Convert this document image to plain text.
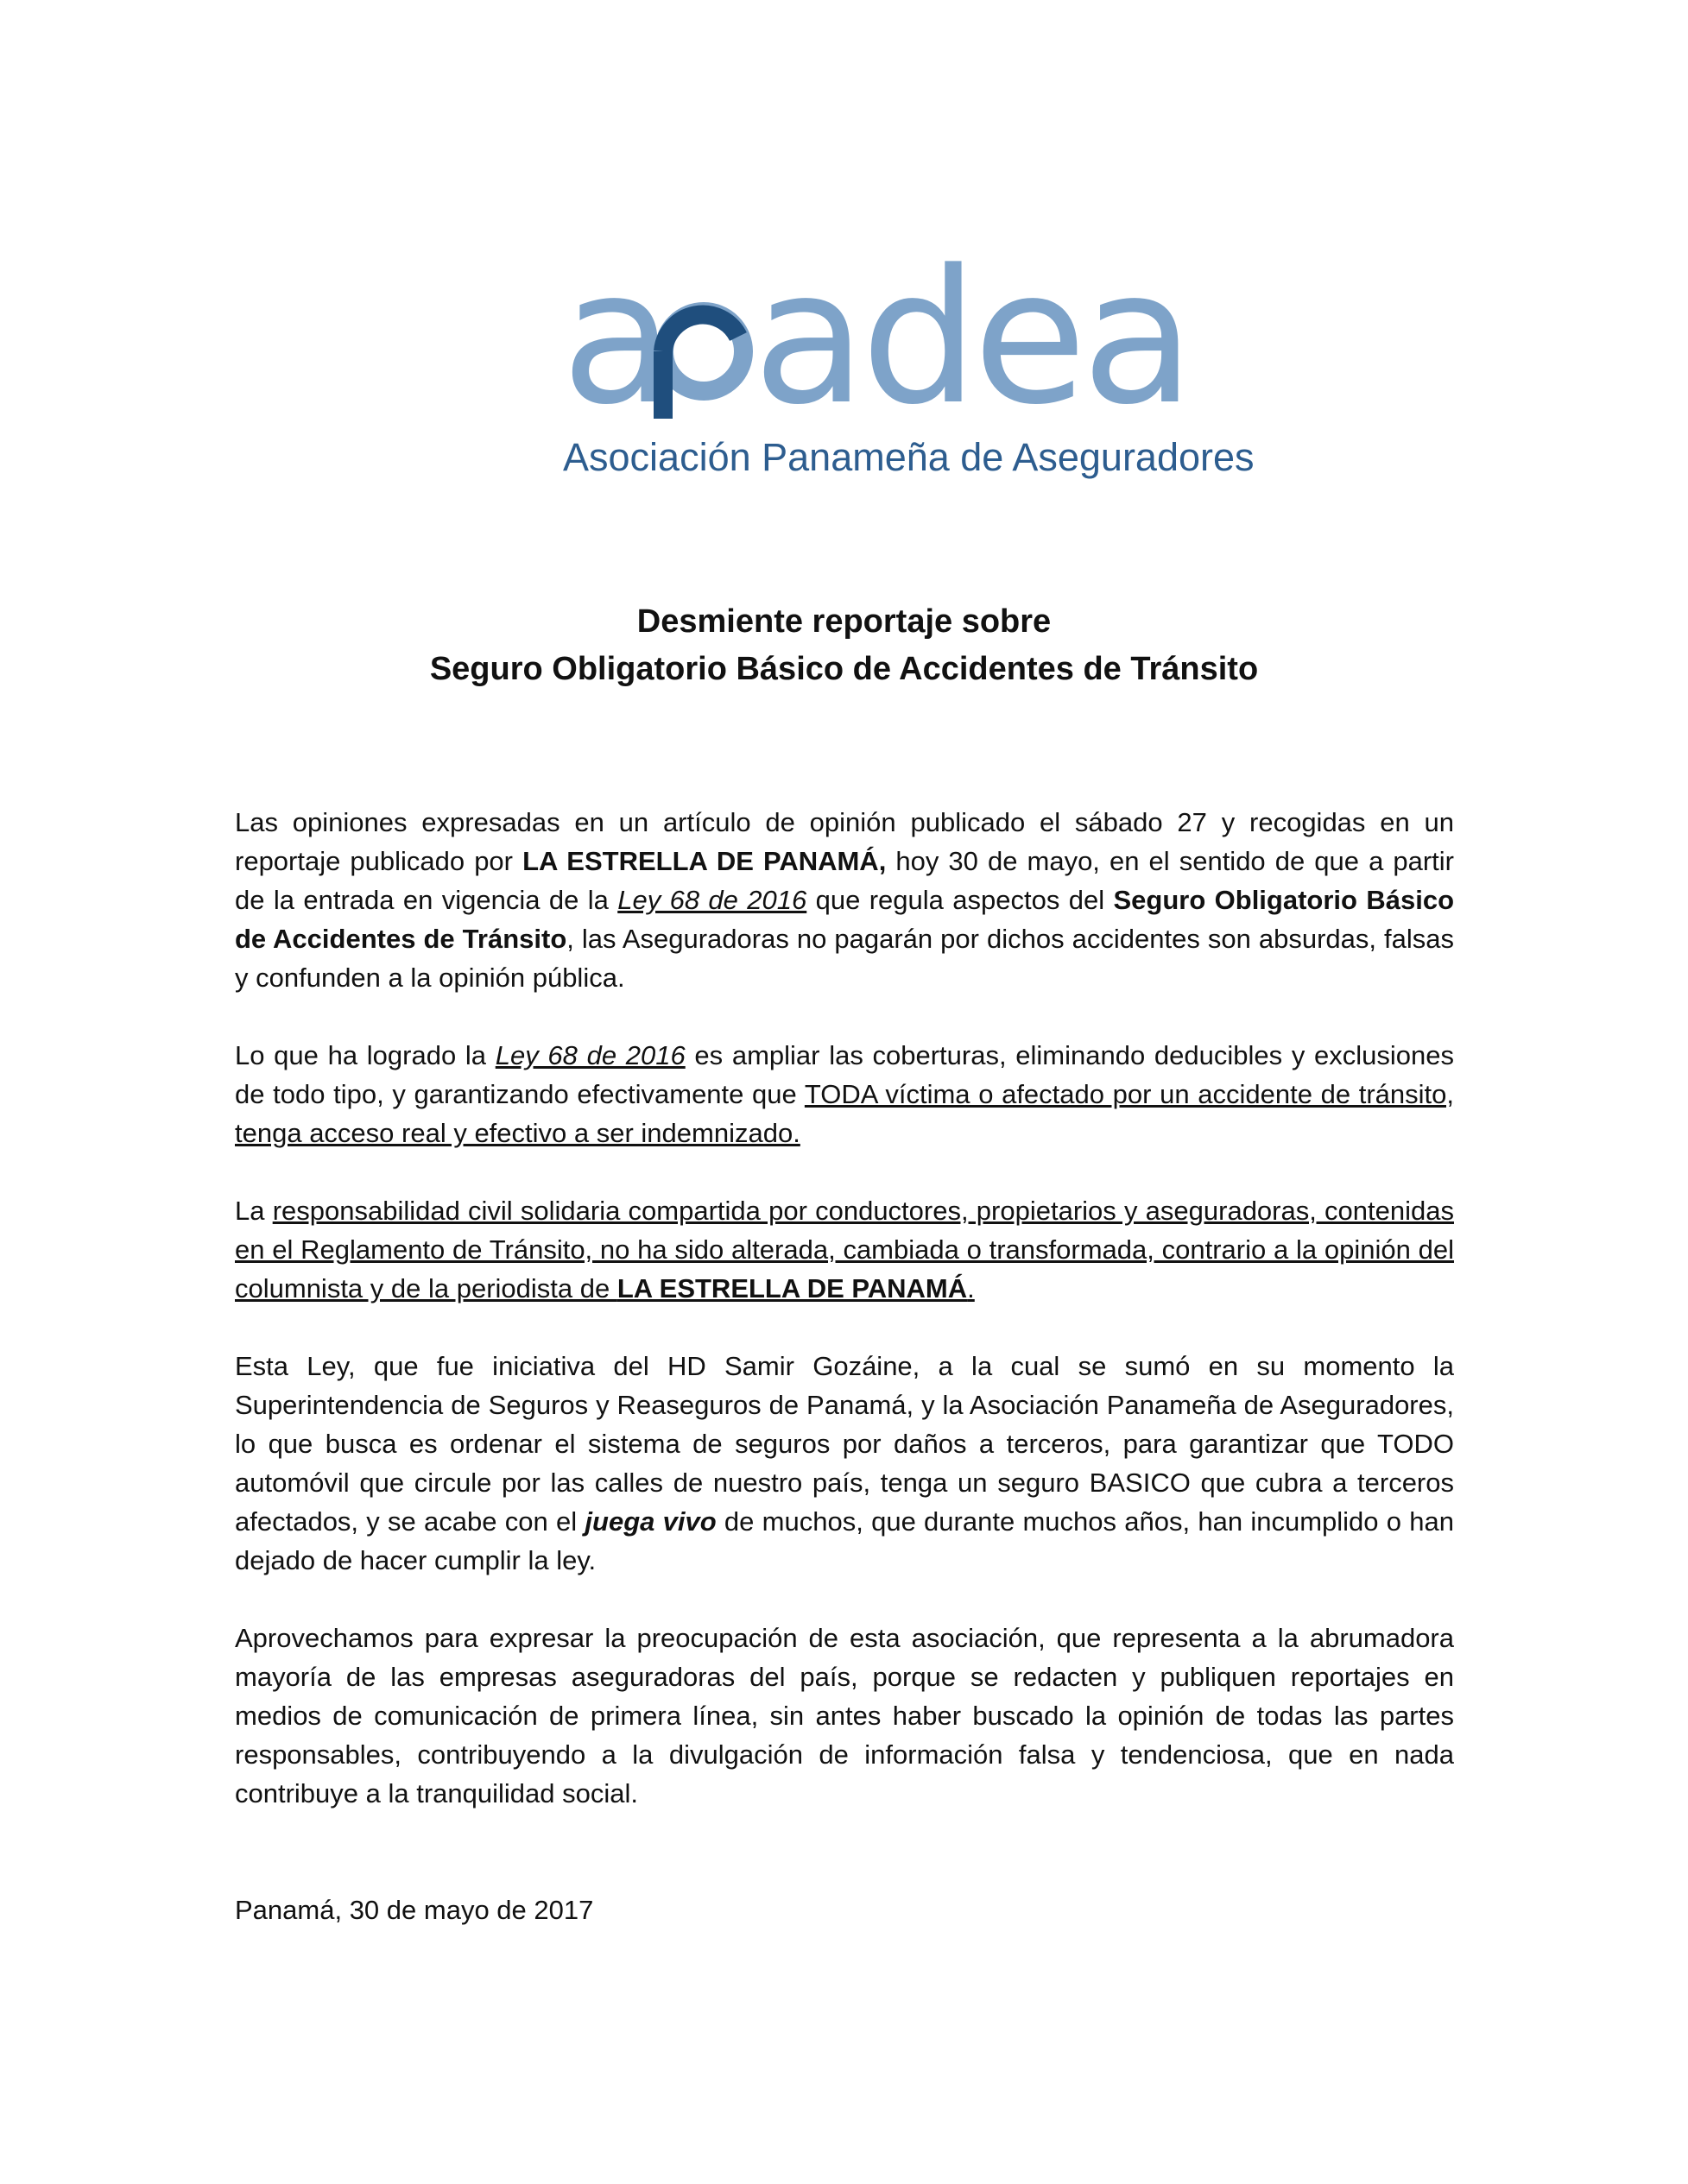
a adea
Asociación Panameña de Aseguradores
Desmiente reportaje sobre
Seguro Obligatorio Básico de Accidentes de Tránsito

Las opiniones expresadas en un artículo de opinión publicado el sábado 27 y recogidas en un reportaje publicado por LA ESTRELLA DE PANAMÁ, hoy 30 de mayo, en el sentido de que a partir de la entrada en vigencia de la Ley 68 de 2016 que regula aspectos del Seguro Obligatorio Básico de Accidentes de Tránsito, las Aseguradoras no pagarán por dichos accidentes son absurdas, falsas y confunden a la opinión pública.

Lo que ha logrado la Ley 68 de 2016 es ampliar las coberturas, eliminando deducibles y exclusiones de todo tipo, y garantizando efectivamente que TODA víctima o afectado por un accidente de tránsito, tenga acceso real y efectivo a ser indemnizado.

La responsabilidad civil solidaria compartida por conductores, propietarios y aseguradoras, contenidas en el Reglamento de Tránsito, no ha sido alterada, cambiada o transformada, contrario a la opinión del columnista y de la periodista de LA ESTRELLA DE PANAMÁ.

Esta Ley, que fue iniciativa del HD Samir Gozáine, a la cual se sumó en su momento la Superintendencia de Seguros y Reaseguros de Panamá, y la Asociación Panameña de Aseguradores, lo que busca es ordenar el sistema de seguros por daños a terceros, para garantizar que TODO automóvil que circule por las calles de nuestro país, tenga un seguro BASICO que cubra a terceros afectados, y se acabe con el juega vivo de muchos, que durante muchos años, han incumplido o han dejado de hacer cumplir la ley.

Aprovechamos para expresar la preocupación de esta asociación, que representa a la abrumadora mayoría de las empresas aseguradoras del país, porque se redacten y publiquen reportajes en medios de comunicación de primera línea, sin antes haber buscado la opinión de todas las partes responsables, contribuyendo a la divulgación de información falsa y tendenciosa, que en nada contribuye a la tranquilidad social.

Panamá, 30 de mayo de 2017
